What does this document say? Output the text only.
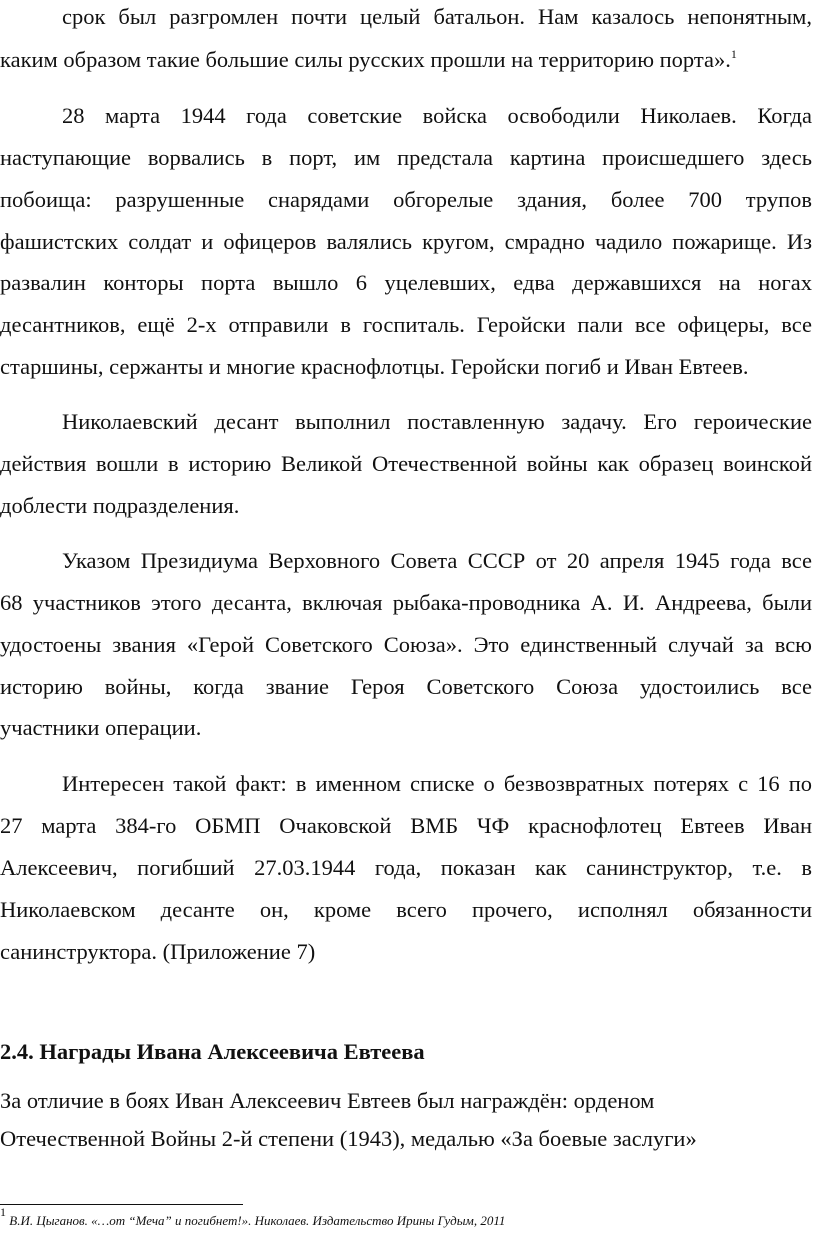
срок был разгромлен почти целый батальон. Нам казалось непонятным,
каким образом такие большие силы русских прошли на территорию порта».$^1$
28 марта 1944 года советские войска освободили Николаев. Когда
наступающие ворвались в порт, им предстала картина происшедшего здесь
побоища: разрушенные снарядами обгорелые здания, более 700 трупов
фашистских солдат и офицеров валялись кругом, смрадно чадило пожарище. Из
развалин конторы порта вышло 6 уцелевших, едва державшихся на ногах
десантников, ещё 2-х отправили в госпиталь. Геройски пали все офицеры, все
старшины, сержанты и многие краснофлотцы. Геройски погиб и Иван Евтеев.
Николаевский десант выполнил поставленную задачу. Его героические
действия вошли в историю Великой Отечественной войны как образец воинской
доблести подразделения.
Указом Президиума Верховного Совета СССР от 20 апреля 1945 года все
68 участников этого десанта, включая рыбака-проводника А. И. Андреева, были
удостоены звания «Герой Советского Союза». Это единственный случай за всю
историю войны, когда звание Героя Советского Союза удостоились все
участники операции.
Интересен такой факт: в именном списке о безвозвратных потерях с 16 по
27 марта 384-го ОБМП Очаковской ВМБ ЧФ краснофлотец Евтеев Иван
Алексеевич, погибший 27.03.1944 года, показан как санинструктор, т.е. в
Николаевском десанте он, кроме всего прочего, исполнял обязанности
санинструктора. (Приложение 7)
2.4. Награды Ивана Алексеевича Евтеева
За отличие в боях Иван Алексеевич Евтеев был награждён: орденом
Отечественной Войны 2-й степени (1943), медалью «За боевые заслуги»
$^1$ В.И. Цыганов. «…от “Меча” и погибнет!». Николаев. Издательство Ирины Гудым, 2011
